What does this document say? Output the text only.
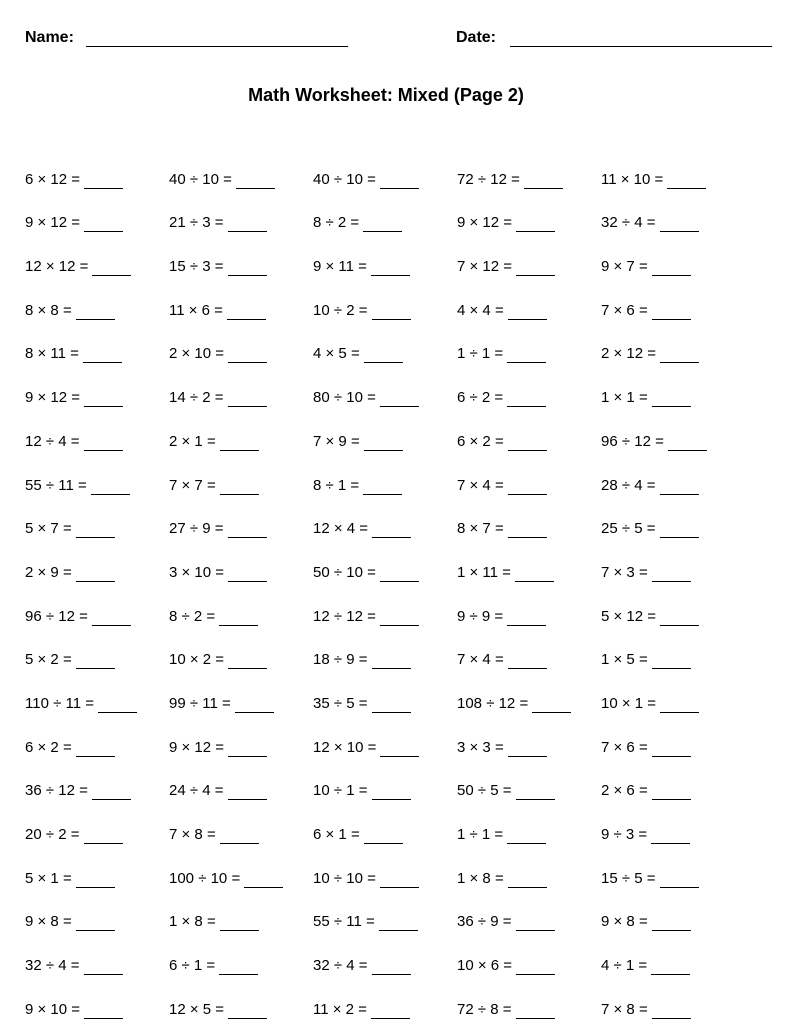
Name:	Date:
Math Worksheet: Mixed (Page 2)
6 × 12 =	40 ÷ 10 =	40 ÷ 10 =	72 ÷ 12 =	11 × 10 =
9 × 12 =	21 ÷ 3 =	8 ÷ 2 =	9 × 12 =	32 ÷ 4 =
12 × 12 =	15 ÷ 3 =	9 × 11 =	7 × 12 =	9 × 7 =
8 × 8 =	11 × 6 =	10 ÷ 2 =	4 × 4 =	7 × 6 =
8 × 11 =	2 × 10 =	4 × 5 =	1 ÷ 1 =	2 × 12 =
9 × 12 =	14 ÷ 2 =	80 ÷ 10 =	6 ÷ 2 =	1 × 1 =
12 ÷ 4 =	2 × 1 =	7 × 9 =	6 × 2 =	96 ÷ 12 =
55 ÷ 11 =	7 × 7 =	8 ÷ 1 =	7 × 4 =	28 ÷ 4 =
5 × 7 =	27 ÷ 9 =	12 × 4 =	8 × 7 =	25 ÷ 5 =
2 × 9 =	3 × 10 =	50 ÷ 10 =	1 × 11 =	7 × 3 =
96 ÷ 12 =	8 ÷ 2 =	12 ÷ 12 =	9 ÷ 9 =	5 × 12 =
5 × 2 =	10 × 2 =	18 ÷ 9 =	7 × 4 =	1 × 5 =
110 ÷ 11 =	99 ÷ 11 =	35 ÷ 5 =	108 ÷ 12 =	10 × 1 =
6 × 2 =	9 × 12 =	12 × 10 =	3 × 3 =	7 × 6 =
36 ÷ 12 =	24 ÷ 4 =	10 ÷ 1 =	50 ÷ 5 =	2 × 6 =
20 ÷ 2 =	7 × 8 =	6 × 1 =	1 ÷ 1 =	9 ÷ 3 =
5 × 1 =	100 ÷ 10 =	10 ÷ 10 =	1 × 8 =	15 ÷ 5 =
9 × 8 =	1 × 8 =	55 ÷ 11 =	36 ÷ 9 =	9 × 8 =
32 ÷ 4 =	6 ÷ 1 =	32 ÷ 4 =	10 × 6 =	4 ÷ 1 =
9 × 10 =	12 × 5 =	11 × 2 =	72 ÷ 8 =	7 × 8 =
